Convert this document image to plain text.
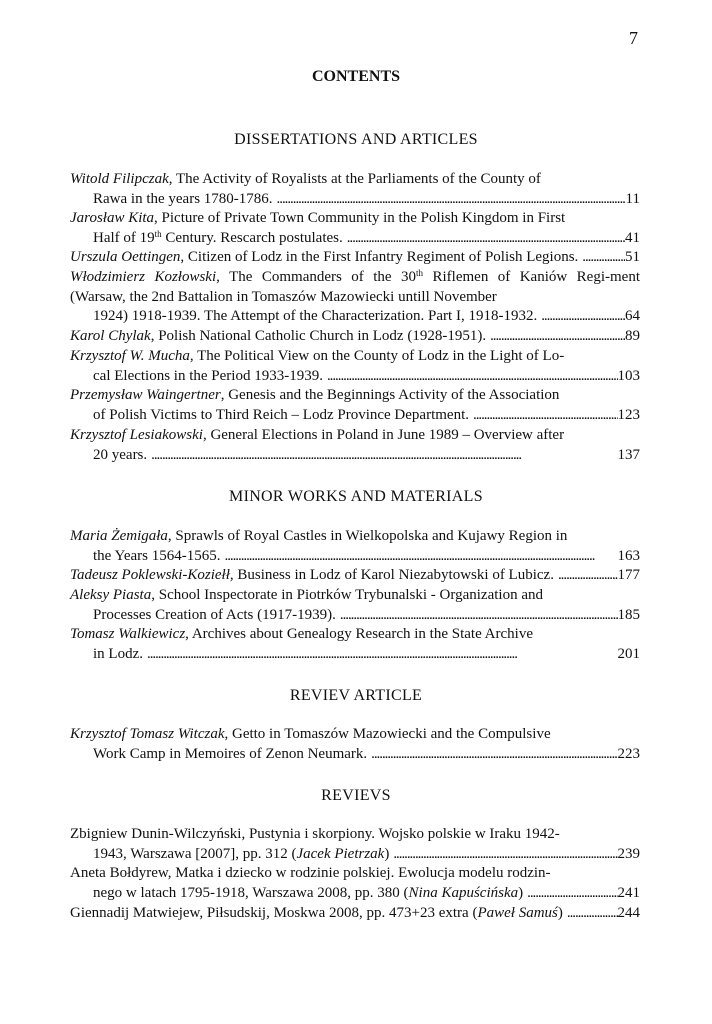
7
CONTENTS
DISSERTATIONS AND ARTICLES
Witold Filipczak, The Activity of Royalists at the Parliaments of the County of
Rawa in the years 1780-1786. . . .	11
Jarosław Kita, Picture of Private Town Community in the Polish Kingdom in First
Half of 19th Century. Rescarch postulates. . . .	41
Urszula Oettingen, Citizen of Lodz in the First Infantry Regiment of Polish Legions. . . .	51
Włodzimierz Kozłowski, The Commanders of the 30th Riflemen of Kaniów Regi-ment (Warsaw, the 2nd Battalion in Tomaszów Mazowiecki untill November
1924) 1918-1939. The Attempt of the Characterization. Part I, 1918-1932. . . .	64
Karol Chylak, Polish National Catholic Church in Lodz (1928-1951). . . .	89
Krzysztof W. Mucha, The Political View on the County of Lodz in the Light of Lo-
cal Elections in the Period 1933-1939. . . .	103
Przemysław Waingertner, Genesis and the Beginnings Activity of the Association
of Polish Victims to Third Reich – Lodz Province Department. . . .	123
Krzysztof Lesiakowski, General Elections in Poland in June 1989 – Overview after
20 years. . . .	137
MINOR WORKS AND MATERIALS
Maria Żemigała, Sprawls of Royal Castles in Wielkopolska and Kujawy Region in
the Years 1564-1565. . . .	163
Tadeusz Poklewski-Koziełł, Business in Lodz of Karol Niezabytowski of Lubicz. . . .	177
Aleksy Piasta, School Inspectorate in Piotrków Trybunalski - Organization and
Processes Creation of Acts (1917-1939). . . .	185
Tomasz Walkiewicz, Archives about Genealogy Research in the State Archive
in Lodz. . . .	201
REVIEV ARTICLE
Krzysztof Tomasz Witczak, Getto in Tomaszów Mazowiecki and the Compulsive
Work Camp in Memoires of Zenon Neumark. . . .	223
REVIEVS
Zbigniew Dunin-Wilczyński, Pustynia i skorpiony. Wojsko polskie w Iraku 1942-
1943, Warszawa [2007], pp. 312 (Jacek Pietrzak) . . .	239
Aneta Bołdyrew, Matka i dziecko w rodzinie polskiej. Ewolucja modelu rodzin-
nego w latach 1795-1918, Warszawa 2008, pp. 380 (Nina Kapuścińska) . . .	241
Giennadij Matwiejew, Piłsudskij, Moskwa 2008, pp. 473+23 extra (Paweł Samuś) . . .	244
